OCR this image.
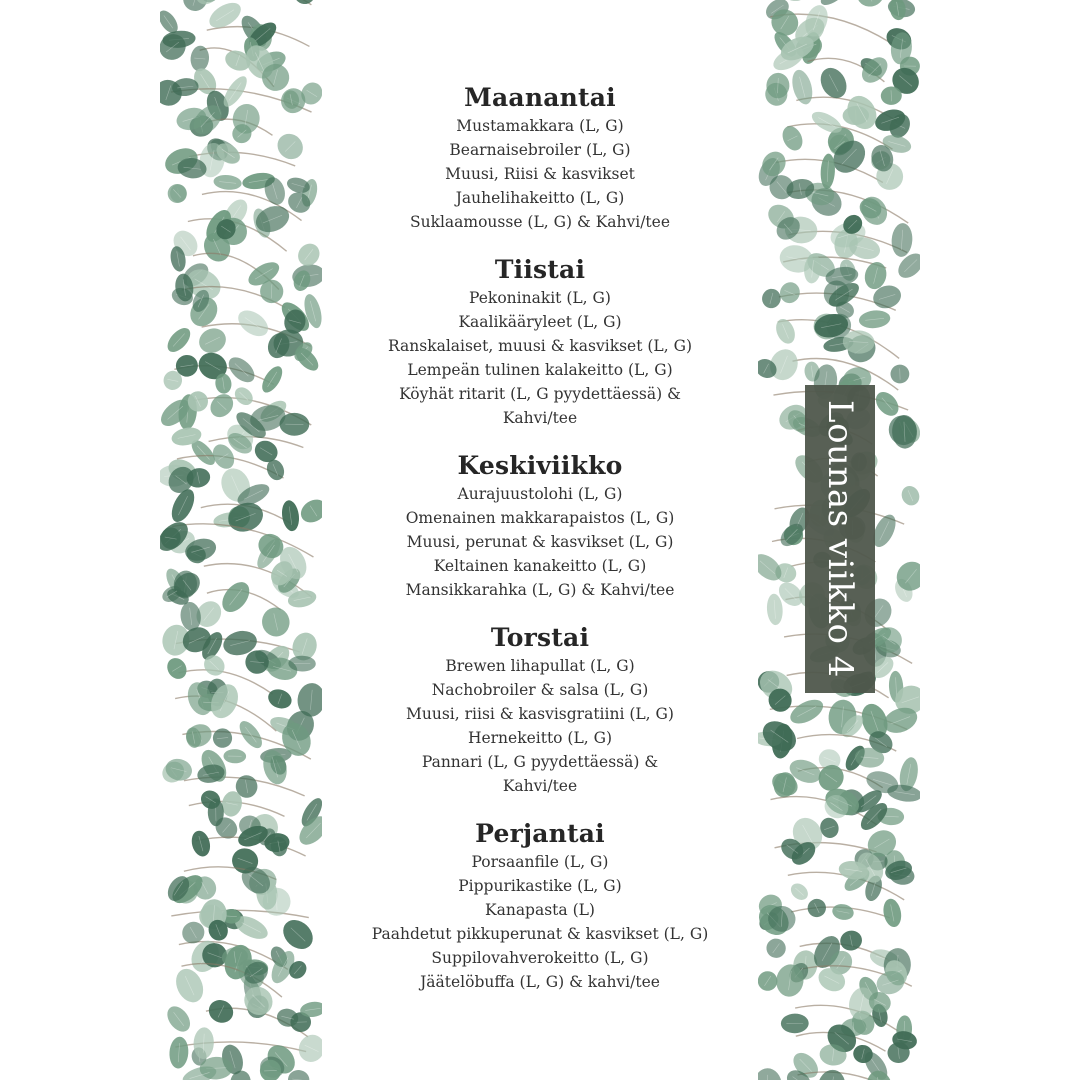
Maanantai

Mustamakkara (L, G)

Bearnaisebroiler (L, G)

Muusi, Riisi & kasvikset

Jauhelihakeitto (L, G)

Suklaamousse (L, G) & Kahvi/tee

Tiistai

Pekoninakit (L, G)

Kaalikääryleet (L, G)

Ranskalaiset, muusi & kasvikset (L, G)

Lempeän tulinen kalakeitto (L, G)

Köyhät ritarit (L, G pyydettäessä) &

Kahvi/tee

Keskiviikko

Aurajuustolohi (L, G)

Omenainen makkarapaistos (L, G)

Muusi, perunat & kasvikset (L, G)

Keltainen kanakeitto (L, G)

Mansikkarahka (L, G) & Kahvi/tee

Torstai

Brewen lihapullat (L, G)

Nachobroiler & salsa (L, G)

Muusi, riisi & kasvisgratiini (L, G)

Hernekeitto (L, G)

Pannari (L, G pyydettäessä) &

Kahvi/tee

Perjantai

Porsaanfile (L, G)

Pippurikastike (L, G)

Kanapasta (L)

Paahdetut pikkuperunat & kasvikset (L, G)

Suppilovahverokeitto (L, G)

Jäätelöbuffa (L, G) & kahvi/tee

Lounas viikko 4
